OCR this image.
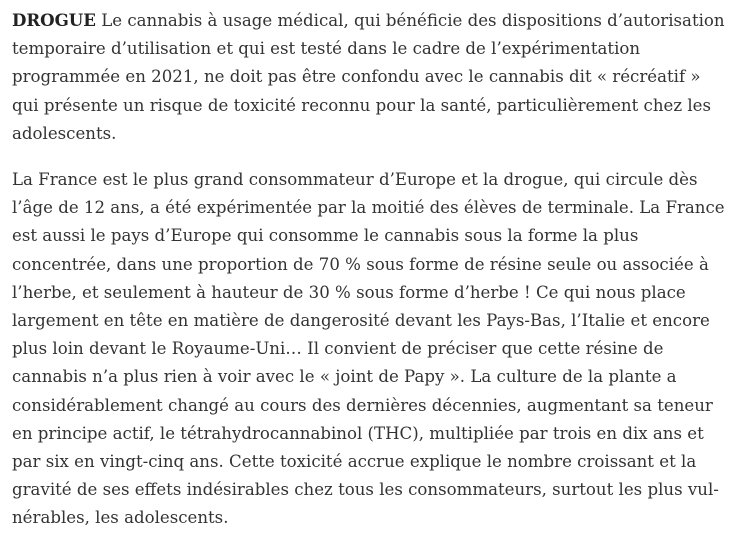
DROGUE Le cannabis à usage médical, qui bénéficie des dispositions d’autorisation
temporaire d’utilisation et qui est testé dans le cadre de l’expérimentation
programmée en 2021, ne doit pas être confondu avec le cannabis dit « récréatif »
qui présente un risque de toxicité reconnu pour la santé, particulièrement chez les
adolescents.

La France est le plus grand consommateur d’Europe et la drogue, qui circule dès
l’âge de 12 ans, a été expérimentée par la moitié des élèves de terminale. La France
est aussi le pays d’Europe qui consomme le cannabis sous la forme la plus
concentrée, dans une proportion de 70 % sous forme de résine seule ou associée à
l’herbe, et seulement à hauteur de 30 % sous forme d’herbe ! Ce qui nous place
largement en tête en matière de dangerosité devant les Pays-Bas, l’Italie et encore
plus loin devant le Royaume-Uni… Il convient de préciser que cette résine de
cannabis n’a plus rien à voir avec le « joint de Papy ». La culture de la plante a
considérablement changé au cours des dernières décennies, augmentant sa teneur
en principe actif, le tétrahydrocannabinol (THC), multipliée par trois en dix ans et
par six en vingt-cinq ans. Cette toxicité accrue explique le nombre croissant et la
gravité de ses effets indésirables chez tous les consommateurs, surtout les plus vul-
nérables, les adolescents.
